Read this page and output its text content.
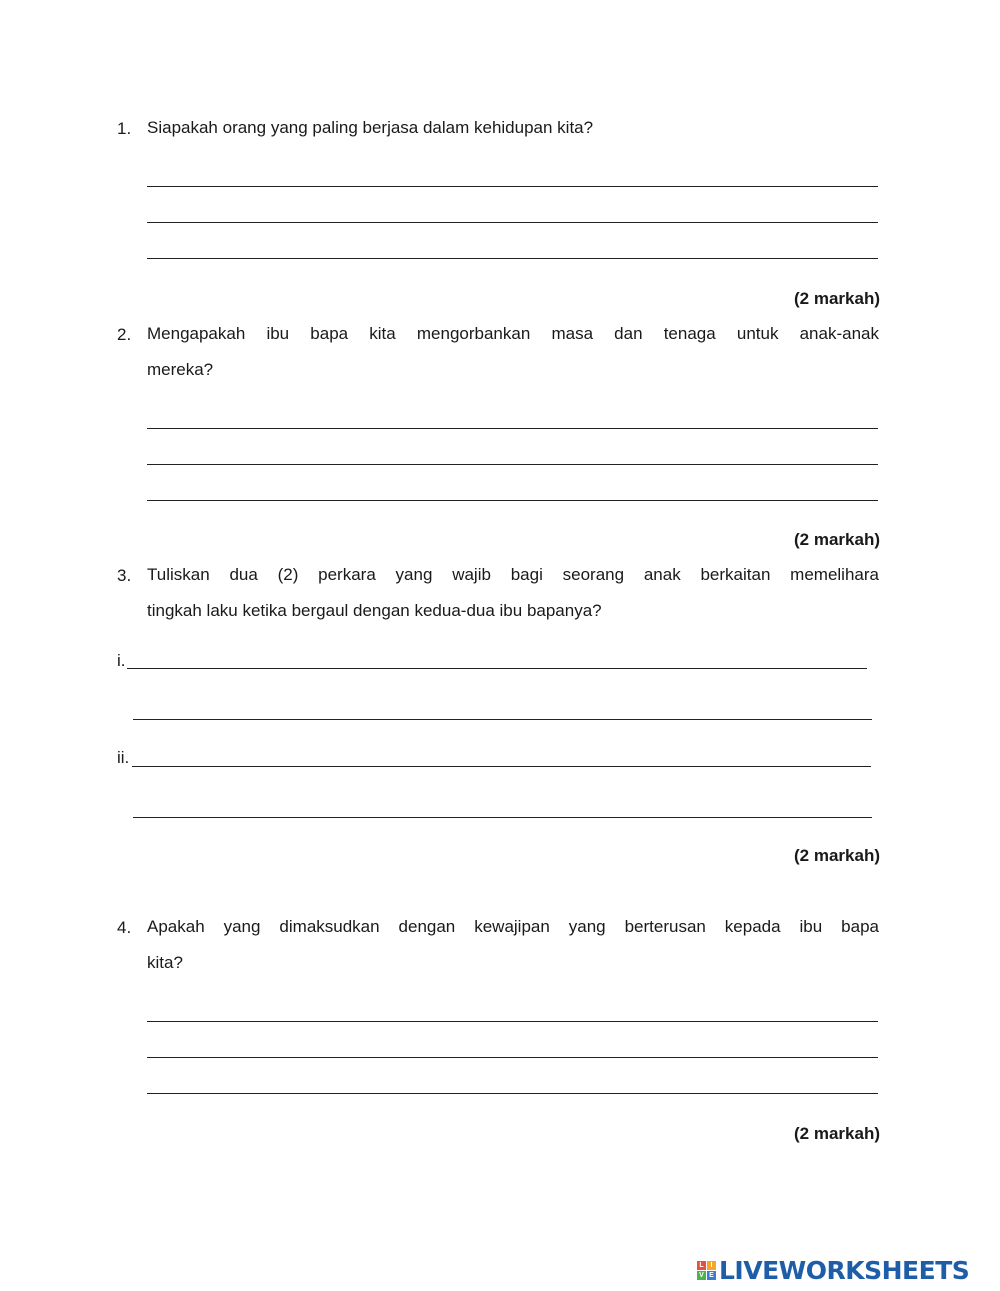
1. Siapakah orang yang paling berjasa dalam kehidupan kita?
(2 markah)
2. Mengapakah ibu bapa kita mengorbankan masa dan tenaga untuk anak-anak
mereka?
(2 markah)
3. Tuliskan dua (2) perkara yang wajib bagi seorang anak berkaitan memelihara
tingkah laku ketika bergaul dengan kedua-dua ibu bapanya?
i.
ii.
(2 markah)
4. Apakah yang dimaksudkan dengan kewajipan yang berterusan kepada ibu bapa
kita?
(2 markah)
L I
V E LIVEWORKSHEETS
